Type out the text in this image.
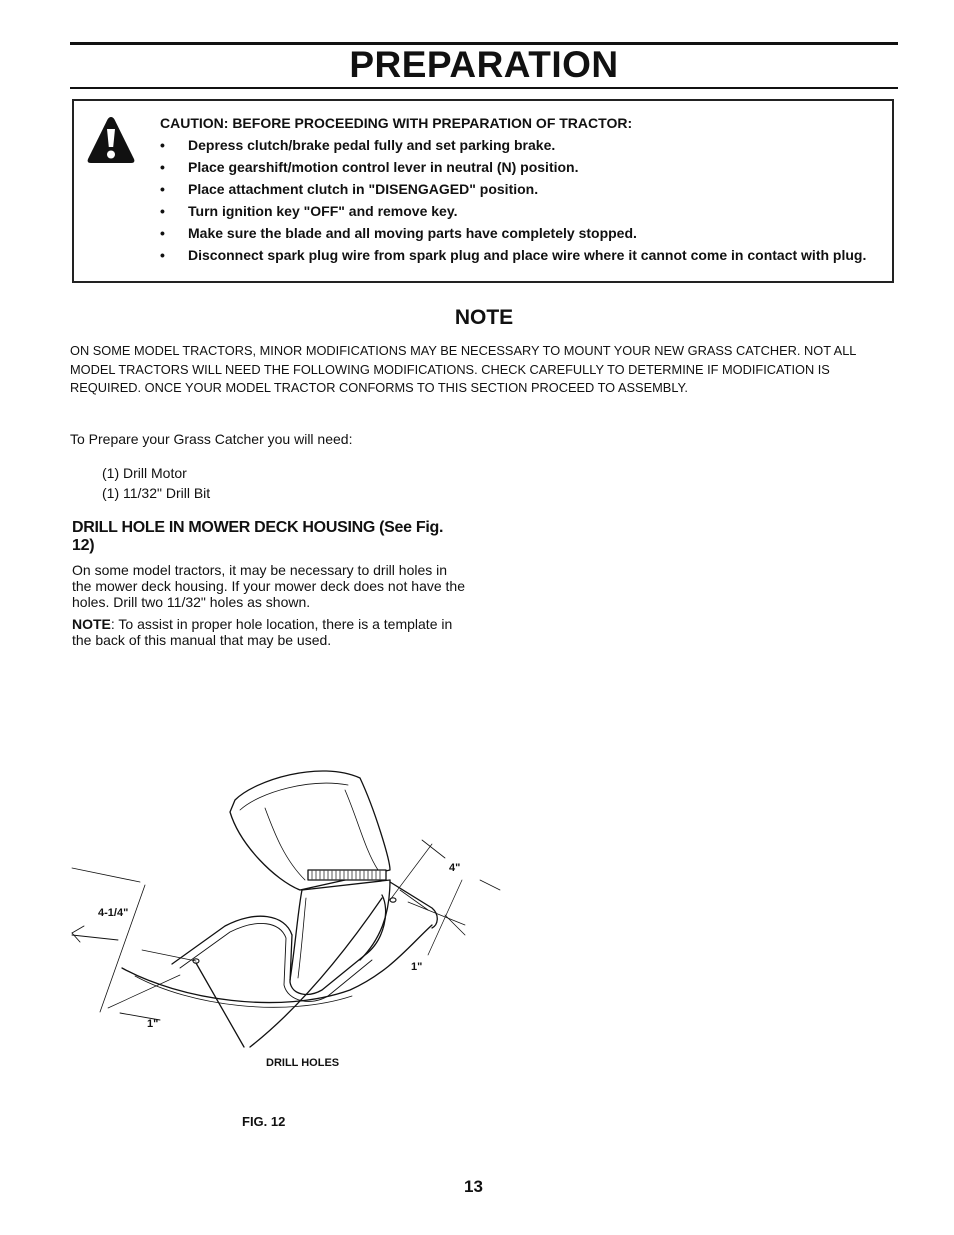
PREPARATION
CAUTION: BEFORE PROCEEDING WITH PREPARATION OF TRACTOR:
• Depress clutch/brake pedal fully and set parking brake.
• Place gearshift/motion control lever in neutral (N) position.
• Place attachment clutch in "DISENGAGED" position.
• Turn ignition key "OFF" and remove key.
• Make sure the blade and all moving parts have completely stopped.
• Disconnect spark plug wire from spark plug and place wire where it cannot come in contact with plug.
NOTE
ON SOME MODEL TRACTORS, MINOR MODIFICATIONS MAY BE NECESSARY TO MOUNT YOUR NEW GRASS CATCHER. NOT ALL MODEL TRACTORS WILL NEED THE FOLLOWING MODIFICATIONS. CHECK CAREFULLY TO DETERMINE IF MODIFICATION IS REQUIRED. ONCE YOUR MODEL TRACTOR CONFORMS TO THIS SECTION PROCEED TO ASSEMBLY.
To Prepare your Grass Catcher you will need:
(1) Drill Motor
(1) 11/32" Drill Bit
DRILL HOLE IN MOWER DECK HOUSING (See Fig. 12)
On some model tractors, it may be necessary to drill holes in the mower deck housing. If your mower deck does not have the holes. Drill two 11/32" holes as shown.
NOTE: To assist in proper hole location, there is a template in the back of this manual that may be used.
4-1/4"
1"
4"
1"
DRILL HOLES
FIG. 12
13
